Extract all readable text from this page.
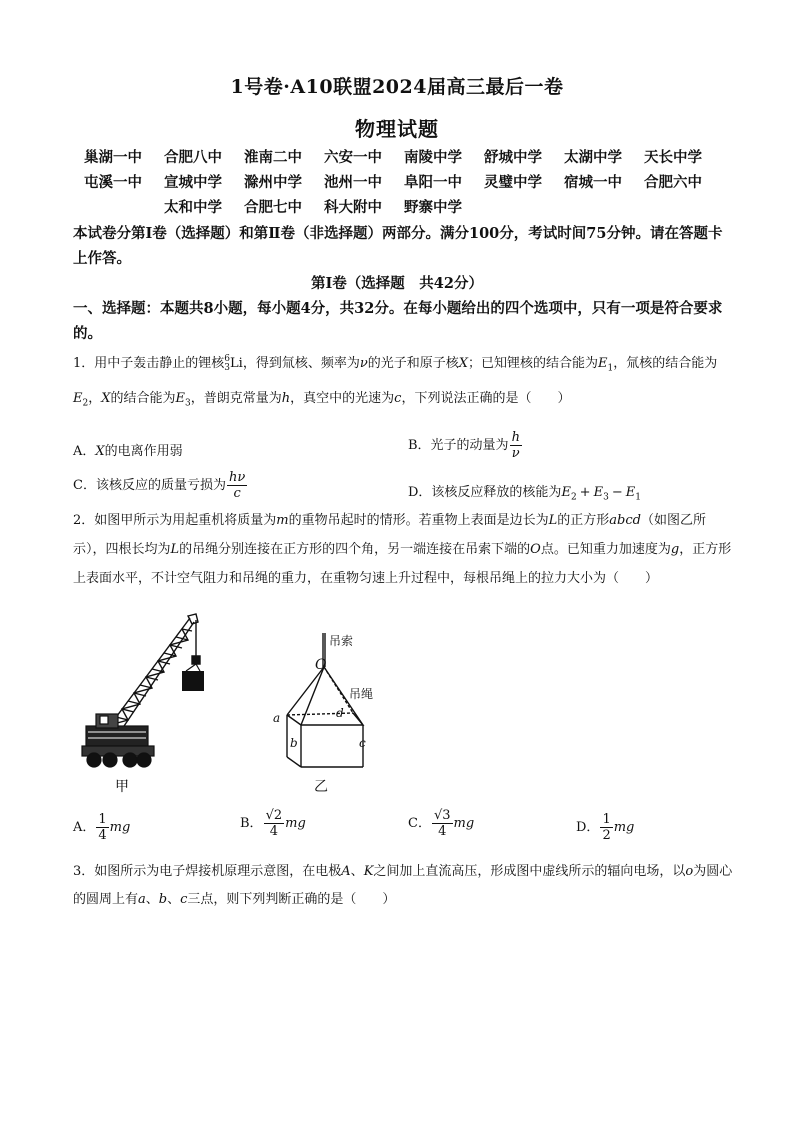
1号卷·A10联盟2024届高三最后一卷
物理试题
巢湖一中	合肥八中	淮南二中	六安一中	南陵中学	舒城中学	太湖中学	天长中学
屯溪一中	宣城中学	滁州中学	池州一中	阜阳一中	灵璧中学	宿城一中	合肥六中
太和中学	合肥七中	科大附中	野寨中学
本试卷分第Ⅰ卷（选择题）和第Ⅱ卷（非选择题）两部分。满分100分，考试时间75分钟。请在答题卡上作答。
第Ⅰ卷（选择题　共42分）
一、选择题：本题共8小题，每小题4分，共32分。在每小题给出的四个选项中，只有一项是符合要求的。
1．用中子轰击静止的锂核 6
3 Li，得到氚核、频率为ν的光子和原子核X；已知锂核的结合能为$E_1$，氚核的结合能为$E_2$，X的结合能为$E_3$，普朗克常量为h，真空中的光速为c，下列说法正确的是（　　）
A．X的电离作用弱	B．光子的动量为 $\frac{h}{\nu}$
C．该核反应的质量亏损为 $\frac{h\nu}{c}$	D．该核反应释放的核能为$E_2 + E_3 - E_1$
2．如图甲所示为用起重机将质量为m的重物吊起时的情形。若重物上表面是边长为L的正方形abcd（如图乙所示），四根长均为L的吊绳分别连接在正方形的四个角，另一端连接在吊索下端的O点。已知重力加速度为g，正方形上表面水平，不计空气阻力和吊绳的重力，在重物匀速上升过程中，每根吊绳上的拉力大小为（　　）
甲
吊索
O
吊绳
a
b	c
d
乙
A． $\frac{1}{4}$ mg	B． $\frac{√2}{4}$ mg	C． $\frac{√3}{4}$ mg	D． $\frac{1}{2}$ mg
3．如图所示为电子焊接机原理示意图，在电极A、K之间加上直流高压，形成图中虚线所示的辐向电场，以o为圆心的圆周上有a、b、c三点，则下列判断正确的是（　　）
